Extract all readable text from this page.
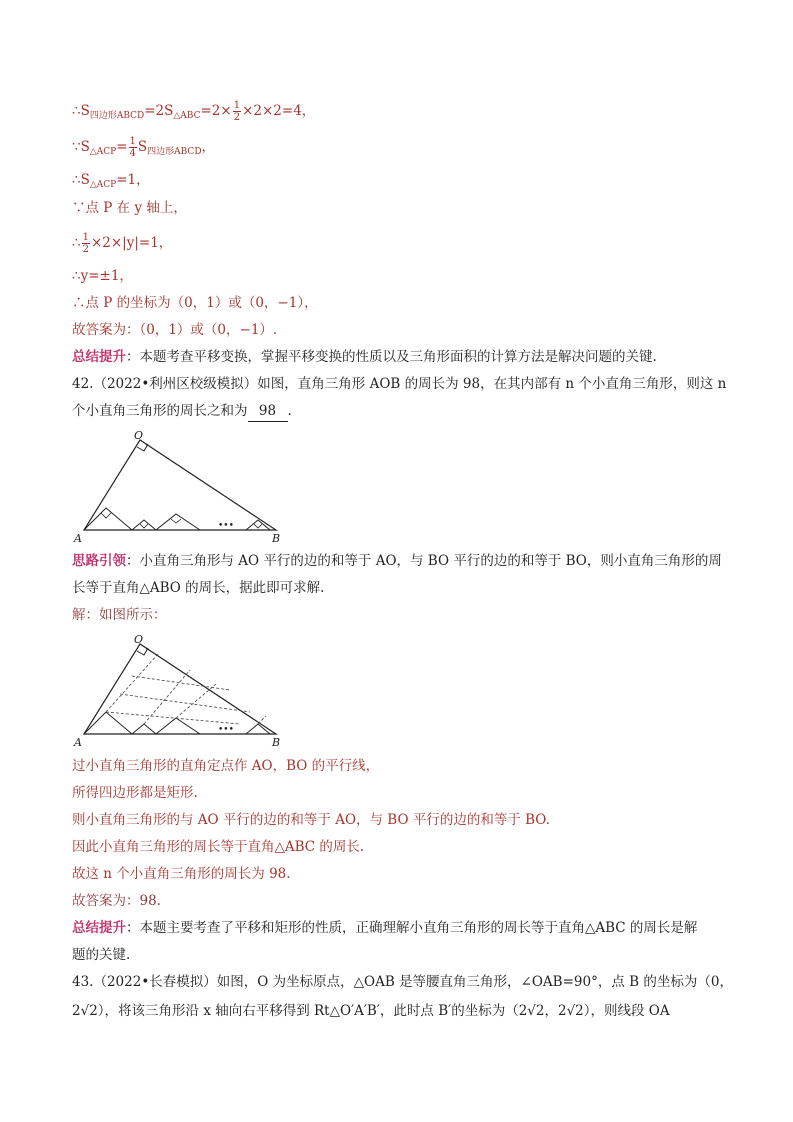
$\therefore S_{四边形ABCD}=2S_{\triangle ABC}=2\times \frac{1}{2} \times 2\times 2=4$，
$\because S_{\triangle ACP}= \frac{1}{4} S_{四边形ABCD}$，
$\therefore S_{\triangle ACP}=1$，
∵点 P 在 y 轴上，
∴ $\frac{1}{2} \times 2\times|y|=1$，
∴y=±1，
∴点 P 的坐标为（0，1）或（0，−1），
故答案为：（0，1）或（0，−1）.
总结提升：本题考查平移变换，掌握平移变换的性质以及三角形面积的计算方法是解决问题的关键.
42.（2022•利州区校级模拟）如图，直角三角形 AOB 的周长为 98，在其内部有 n 个小直角三角形，则这 n
个小直角三角形的周长之和为 98 .
•••
O
A	B
思路引领：小直角三角形与 AO 平行的边的和等于 AO，与 BO 平行的边的和等于 BO，则小直角三角形的周
长等于直角△ABO 的周长，据此即可求解.
解：如图所示：
•••
O
A	B
过小直角三角形的直角定点作 AO，BO 的平行线，
所得四边形都是矩形.
则小直角三角形的与 AO 平行的边的和等于 AO，与 BO 平行的边的和等于 BO.
因此小直角三角形的周长等于直角△ABC 的周长.
故这 n 个小直角三角形的周长为 98.
故答案为：98.
总结提升：本题主要考查了平移和矩形的性质，正确理解小直角三角形的周长等于直角△ABC 的周长是解
题的关键.
43.（2022•长春模拟）如图，O 为坐标原点，△OAB 是等腰直角三角形，∠OAB=90°，点 B 的坐标为（0，
2√2），将该三角形沿 x 轴向右平移得到 Rt△O′A′B′，此时点 B′的坐标为（2√2，2√2），则线段 OA
